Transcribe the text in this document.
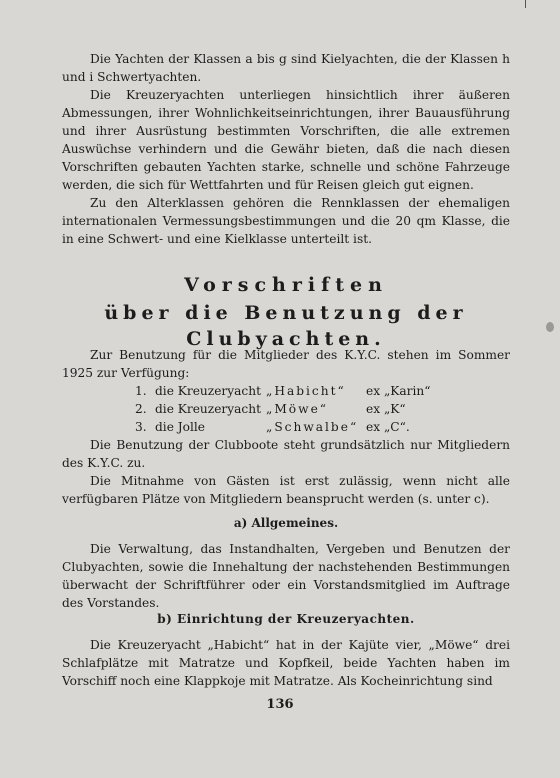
Die Yachten der Klassen a bis g sind Kielyachten, die der Klassen h und i Schwertyachten.

Die Kreuzeryachten unterliegen hinsichtlich ihrer äußeren Abmessungen, ihrer Wohnlichkeitseinrichtungen, ihrer Bauausführung und ihrer Ausrüstung bestimmten Vorschriften, die alle extremen Auswüchse verhindern und die Gewähr bieten, daß die nach diesen Vorschriften gebauten Yachten starke, schnelle und schöne Fahrzeuge werden, die sich für Wettfahrten und für Reisen gleich gut eignen.

Zu den Alterklassen gehören die Rennklassen der ehemaligen internationalen Vermessungsbestimmungen und die 20 qm Klasse, die in eine Schwert- und eine Kielklasse unterteilt ist.

Vorschriften
über die Benutzung der Clubyachten.

Zur Benutzung für die Mitglieder des K.Y.C. stehen im Sommer 1925 zur Verfügung:

1. die Kreuzeryacht „Habicht“ ex „Karin“
2. die Kreuzeryacht „Möwe“	ex „K“
3. die Jolle	„Schwalbe“ ex „C“.

Die Benutzung der Clubboote steht grundsätzlich nur Mitgliedern des K.Y.C. zu.

Die Mitnahme von Gästen ist erst zulässig, wenn nicht alle verfügbaren Plätze von Mitgliedern beansprucht werden (s. unter c).

a) Allgemeines.

Die Verwaltung, das Instandhalten, Vergeben und Benutzen der Clubyachten, sowie die Innehaltung der nachstehenden Bestimmungen überwacht der Schriftführer oder ein Vorstandsmitglied im Auftrage des Vorstandes.

b) Einrichtung der Kreuzeryachten.

Die Kreuzeryacht „Habicht“ hat in der Kajüte vier, „Möwe“ drei Schlafplätze mit Matratze und Kopfkeil, beide Yachten haben im Vorschiff noch eine Klappkoje mit Matratze. Als Kocheinrichtung sind

136
